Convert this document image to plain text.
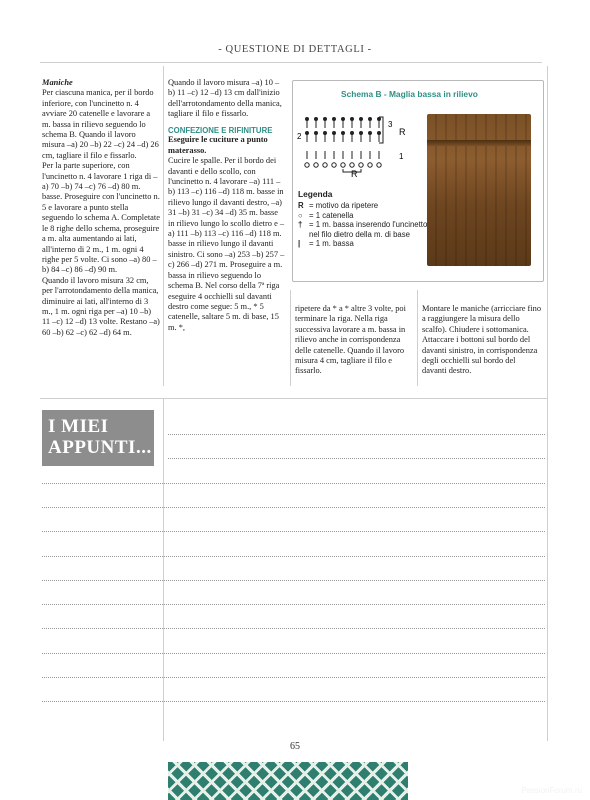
- QUESTIONE DI DETTAGLI -

Maniche

Per ciascuna manica, per il bordo inferiore, con l'uncinetto n. 4 avviare 20 catenelle e lavorare a m. bassa in rilievo seguendo lo schema B. Quando il lavoro misura –a) 20 –b) 22 –c) 24 –d) 26 cm, tagliare il filo e fissarlo.

Per la parte superiore, con l'uncinetto n. 4 lavorare 1 riga di –a) 70 –b) 74 –c) 76 –d) 80 m. basse. Proseguire con l'uncinetto n. 5 e lavorare a punto stella seguendo lo schema A. Completate le 8 righe dello schema, proseguire a m. alta aumentando ai lati, all'interno di 2 m., 1 m. ogni 4 righe per 5 volte. Ci sono –a) 80 –b) 84 –c) 86 –d) 90 m.

Quando il lavoro misura 32 cm, per l'arrotondamento della manica, diminuire ai lati, all'interno di 3 m., 1 m. ogni riga per –a) 10 –b) 11 –c) 12 –d) 13 volte. Restano –a) 60 –b) 62 –c) 62 –d) 64 m.

Quando il lavoro misura –a) 10 –b) 11 –c) 12 –d) 13 cm dall'inizio dell'arrotondamento della manica, tagliare il filo e fissarlo.

CONFEZIONE E RIFINITURE

Eseguire le cuciture a punto materasso.

Cucire le spalle. Per il bordo dei davanti e dello scollo, con l'uncinetto n. 4 lavorare –a) 111 –b) 113 –c) 116 –d) 118 m. basse in rilievo lungo il davanti destro, –a) 31 –b) 31 –c) 34 –d) 35 m. basse in rilievo lungo lo scollo dietro e –a) 111 –b) 113 –c) 116 –d) 118 m. basse in rilievo lungo il davanti sinistro. Ci sono –a) 253 –b) 257 –c) 266 –d) 271 m. Proseguire a m. bassa in rilievo seguendo lo schema B. Nel corso della 7ª riga eseguire 4 occhielli sul davanti destro come segue: 5 m., * 5 catenelle, saltare 5 m. di base, 15 m. *,

Schema B - Maglia bassa in rilievo
2
1
3
R
R
Legenda
R = motivo da ripetere
○ = 1 catenella
† = 1 m. bassa inserendo l'uncinetto nel filo dietro della m. di base
|	= 1 m. bassa

ripetere da * a * altre 3 volte, poi terminare la riga. Nella riga successiva lavorare a m. bassa in rilievo anche in corrispondenza delle catenelle. Quando il lavoro misura 4 cm, tagliare il filo e fissarlo.

Montare le maniche (arricciare fino a raggiungere la misura dello scalfo). Chiudere i sottomanica. Attaccare i bottoni sul bordo del davanti sinistro, in corrispondenza degli occhielli sul bordo del davanti destro.

I MIEI APPUNTI...
65
PassionForum.ru
